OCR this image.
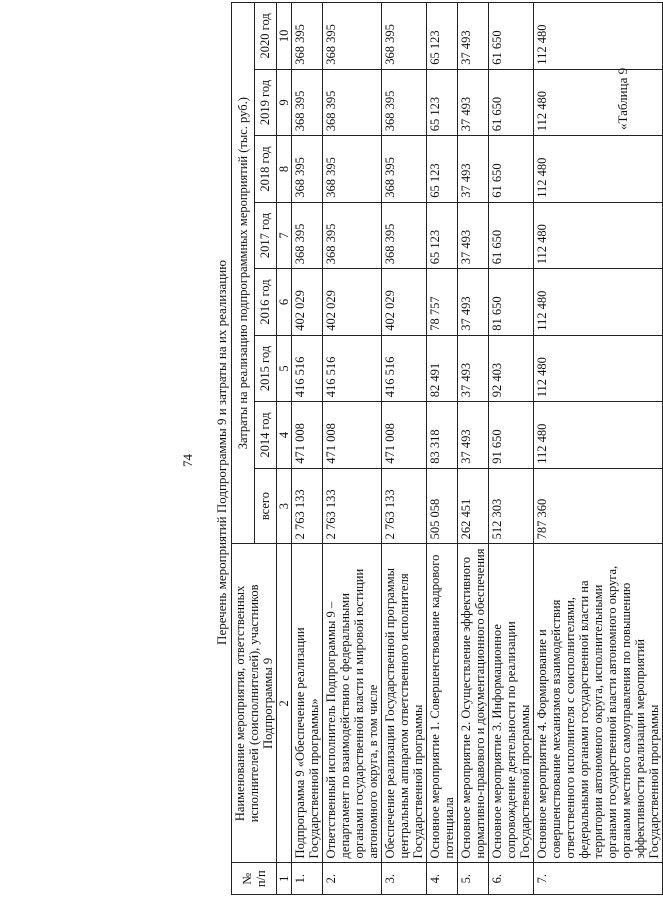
74 Перечень мероприятий Подпрограммы 9 и затраты на их реализацию
«Таблица 9
№ п/п	Наименование мероприятия, ответственных исполнителей (соисполнителей), участников Подпрограммы 9	Затраты на реализацию подпрограммных мероприятий (тыс. руб.)							
		всего	2014 год	2015 год	2016 год	2017 год	2018 год	2019 год	2020 год
1	2	3	4	5	6	7	8	9	10
1.	Подпрограмма 9 «Обеспечение реализации Государственной программы»	2 763 133	471 008	416 516	402 029	368 395	368 395	368 395	368 395
2.	Ответственный исполнитель Подпрограммы 9 – департамент по взаимодействию с федеральными органами государственной власти и мировой юстиции автономного округа, в том числе	2 763 133	471 008	416 516	402 029	368 395	368 395	368 395	368 395
3.	Обеспечение реализации Государственной программы центральным аппаратом ответственного исполнителя Государственной программы	2 763 133	471 008	416 516	402 029	368 395	368 395	368 395	368 395
4.	Основное мероприятие 1. Совершенствование кадрового потенциала	505 058	83 318	82 491	78 757	65 123	65 123	65 123	65 123
5.	Основное мероприятие 2. Осуществление эффективного нормативно-правового и документационного обеспечения	262 451	37 493	37 493	37 493	37 493	37 493	37 493	37 493
6.	Основное мероприятие 3. Информационное сопровождение деятельности по реализации Государственной программы	512 303	91 650	92 403	81 650	61 650	61 650	61 650	61 650
7.	Основное мероприятие 4. Формирование и совершенствование механизмов взаимодействия ответственного исполнителя с соисполнителями, федеральными органами государственной власти на территории автономного округа, исполнительными органами государственной власти автономного округа, органами местного самоуправления по повышению эффективности реализации мероприятий Государственной программы	787 360	112 480	112 480	112 480	112 480	112 480	112 480	112 480
